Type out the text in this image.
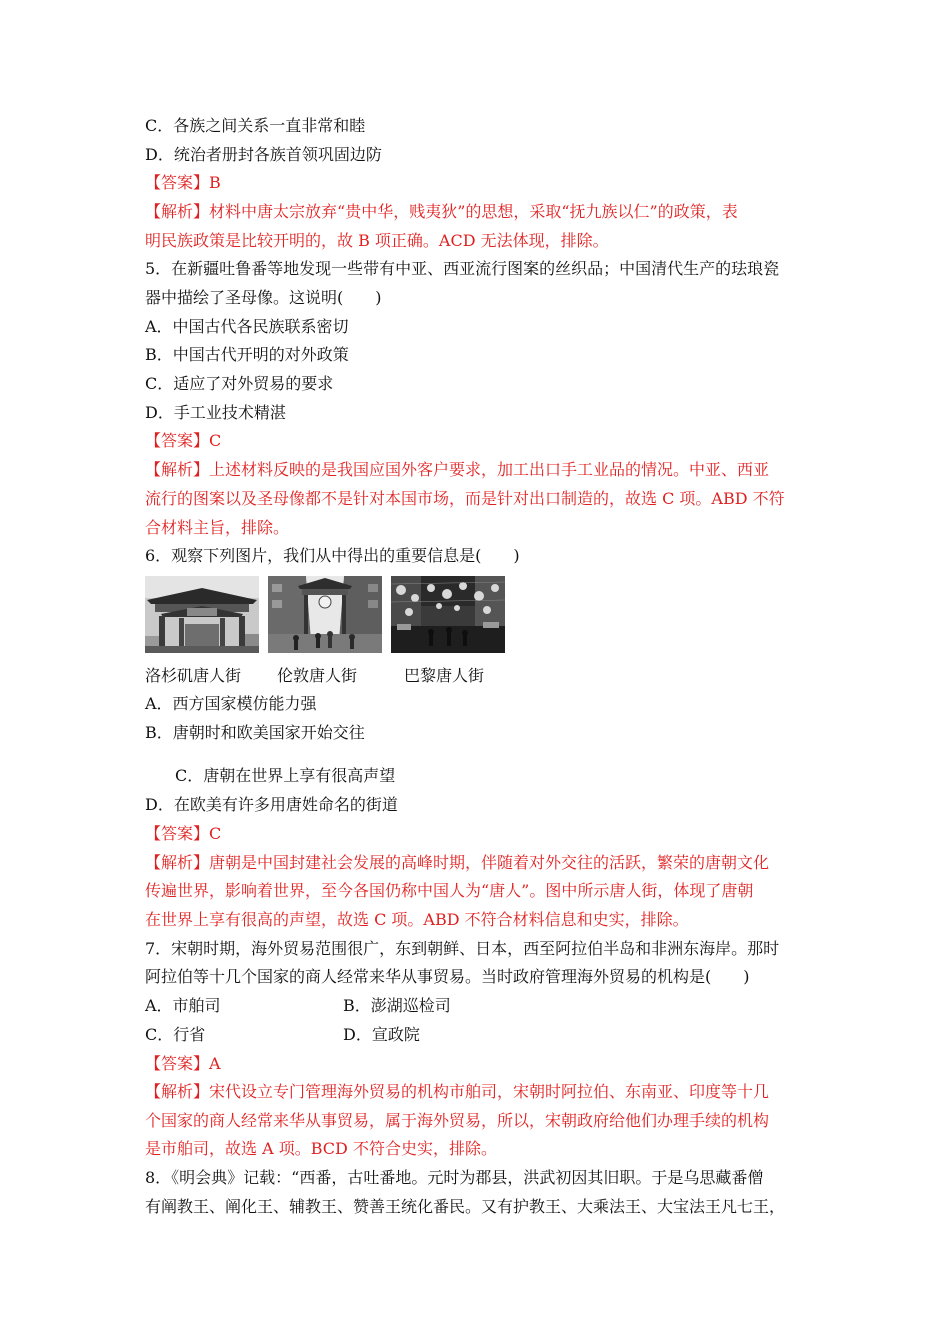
C．各族之间关系一直非常和睦
D．统治者册封各族首领巩固边防
【答案】B
【解析】材料中唐太宗放弃“贵中华，贱夷狄”的思想，采取“抚九族以仁”的政策，表
明民族政策是比较开明的，故 B 项正确。ACD 无法体现，排除。
5．在新疆吐鲁番等地发现一些带有中亚、西亚流行图案的丝织品；中国清代生产的珐琅瓷
器中描绘了圣母像。这说明(　　)
A．中国古代各民族联系密切
B．中国古代开明的对外政策
C．适应了对外贸易的要求
D．手工业技术精湛
【答案】C
【解析】上述材料反映的是我国应国外客户要求，加工出口手工业品的情况。中亚、西亚
流行的图案以及圣母像都不是针对本国市场，而是针对出口制造的，故选 C 项。ABD 不符
合材料主旨，排除。
6．观察下列图片，我们从中得出的重要信息是(　　)
洛杉矶唐人街 伦敦唐人街	巴黎唐人街
A．西方国家模仿能力强
B．唐朝时和欧美国家开始交往
C．唐朝在世界上享有很高声望
D．在欧美有许多用唐姓命名的街道
【答案】C
【解析】唐朝是中国封建社会发展的高峰时期，伴随着对外交往的活跃，繁荣的唐朝文化
传遍世界，影响着世界，至今各国仍称中国人为“唐人”。图中所示唐人街，体现了唐朝
在世界上享有很高的声望，故选 C 项。ABD 不符合材料信息和史实，排除。
7．宋朝时期，海外贸易范围很广，东到朝鲜、日本，西至阿拉伯半岛和非洲东海岸。那时
阿拉伯等十几个国家的商人经常来华从事贸易。当时政府管理海外贸易的机构是(　　)
A．市舶司	B．澎湖巡检司
C．行省	D．宣政院
【答案】A
【解析】宋代设立专门管理海外贸易的机构市舶司，宋朝时阿拉伯、东南亚、印度等十几
个国家的商人经常来华从事贸易，属于海外贸易，所以，宋朝政府给他们办理手续的机构
是市舶司，故选 A 项。BCD 不符合史实，排除。
8．《明会典》记载：“西番，古吐番地。元时为郡县，洪武初因其旧职。于是乌思藏番僧
有阐教王、阐化王、辅教王、赞善王统化番民。又有护教王、大乘法王、大宝法王凡七王，
